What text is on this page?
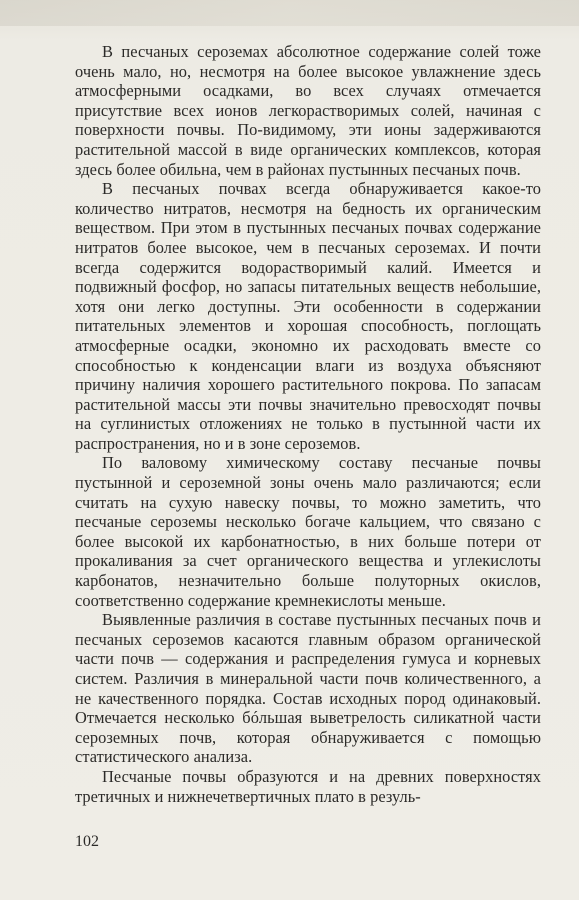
В песчаных сероземах абсолютное содержание солей тоже очень мало, но, несмотря на более высокое увлажнение здесь атмосферными осадками, во всех случаях отмечается присутствие всех ионов легкорастворимых солей, начиная с поверхности почвы. По-видимому, эти ионы задерживаются растительной массой в виде органических комплексов, которая здесь более обильна, чем в районах пустынных песчаных почв.

В песчаных почвах всегда обнаруживается какое-то количество нитратов, несмотря на бедность их органическим веществом. При этом в пустынных песчаных почвах содержание нитратов более высокое, чем в песчаных сероземах. И почти всегда содержится водорастворимый калий. Имеется и подвижный фосфор, но запасы питательных веществ небольшие, хотя они легко доступны. Эти особенности в содержании питательных элементов и хорошая способность, поглощать атмосферные осадки, экономно их расходовать вместе со способностью к конденсации влаги из воздуха объясняют причину наличия хорошего растительного покрова. По запасам растительной массы эти почвы значительно превосходят почвы на суглинистых отложениях не только в пустынной части их распространения, но и в зоне сероземов.

По валовому химическому составу песчаные почвы пустынной и сероземной зоны очень мало различаются; если считать на сухую навеску почвы, то можно заметить, что песчаные сероземы несколько богаче кальцием, что связано с более высокой их карбонатностью, в них больше потери от прокаливания за счет органического вещества и углекислоты карбонатов, незначительно больше полуторных окислов, соответственно содержание кремнекислоты меньше.

Выявленные различия в составе пустынных песчаных почв и песчаных сероземов касаются главным образом органической части почв — содержания и распределения гумуса и корневых систем. Различия в минеральной части почв количественного, а не качественного порядка. Состав исходных пород одинаковый. Отмечается несколько бóльшая выветрелость силикатной части сероземных почв, которая обнаруживается с помощью статистического анализа.

Песчаные почвы образуются и на древних поверхностях третичных и нижнечетвертичных плато в резуль-

102
